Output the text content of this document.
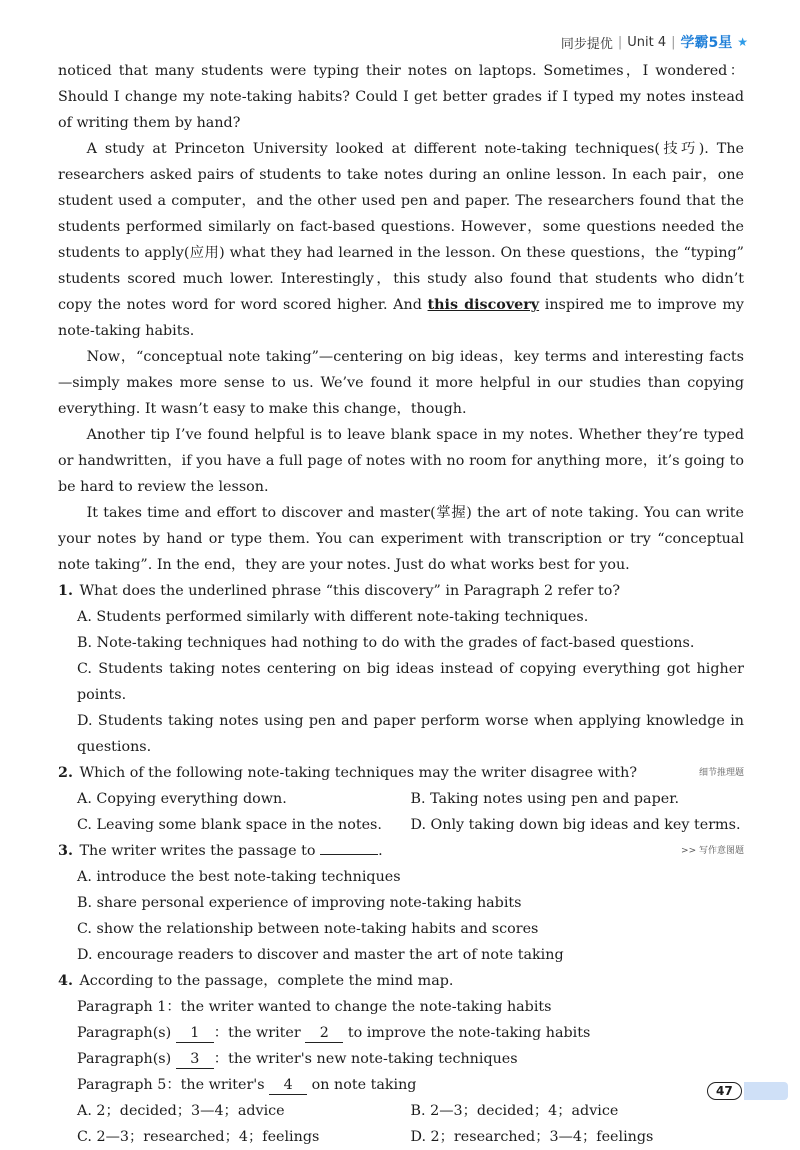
同步提优 | Unit 4 | 学霸5星 ★

noticed that many students were typing their notes on laptops. Sometimes，I wondered：Should I change my note-taking habits? Could I get better grades if I typed my notes instead of writing them by hand?

A study at Princeton University looked at different note-taking techniques(技巧). The researchers asked pairs of students to take notes during an online lesson. In each pair，one student used a computer，and the other used pen and paper. The researchers found that the students performed similarly on fact-based questions. However，some questions needed the students to apply(应用) what they had learned in the lesson. On these questions，the “typing” students scored much lower. Interestingly，this study also found that students who didn’t copy the notes word for word scored higher. And this discovery inspired me to improve my note-taking habits.

Now，“conceptual note taking”—centering on big ideas，key terms and interesting facts—simply makes more sense to us. We’ve found it more helpful in our studies than copying everything. It wasn’t easy to make this change，though.

Another tip I’ve found helpful is to leave blank space in my notes. Whether they’re typed or handwritten，if you have a full page of notes with no room for anything more，it’s going to be hard to review the lesson.

It takes time and effort to discover and master(掌握) the art of note taking. You can write your notes by hand or type them. You can experiment with transcription or try “conceptual note taking”. In the end，they are your notes. Just do what works best for you.

1. What does the underlined phrase “this discovery” in Paragraph 2 refer to?

A. Students performed similarly with different note-taking techniques.

B. Note-taking techniques had nothing to do with the grades of fact-based questions.

C. Students taking notes centering on big ideas instead of copying everything got higher points.

D. Students taking notes using pen and paper perform worse when applying knowledge in questions.

细节推理题

2. Which of the following note-taking techniques may the writer disagree with?

A. Copying everything down.	B. Taking notes using pen and paper.
C. Leaving some blank space in the notes.	D. Only taking down big ideas and key terms.
>> 写作意图题

3. The writer writes the passage to	.

A. introduce the best note-taking techniques

B. share personal experience of improving note-taking habits

C. show the relationship between note-taking habits and scores

D. encourage readers to discover and master the art of note taking

4. According to the passage，complete the mind map.

Paragraph 1：the writer wanted to change the note-taking habits

Paragraph(s) 1 ：the writer 2 to improve the note-taking habits

Paragraph(s) 3 ：the writer's new note-taking techniques

Paragraph 5：the writer's 4 on note taking

A. 2；decided；3—4；advice	B. 2—3；decided；4；advice
C. 2—3；researched；4；feelings	D. 2；researched；3—4；feelings
47
